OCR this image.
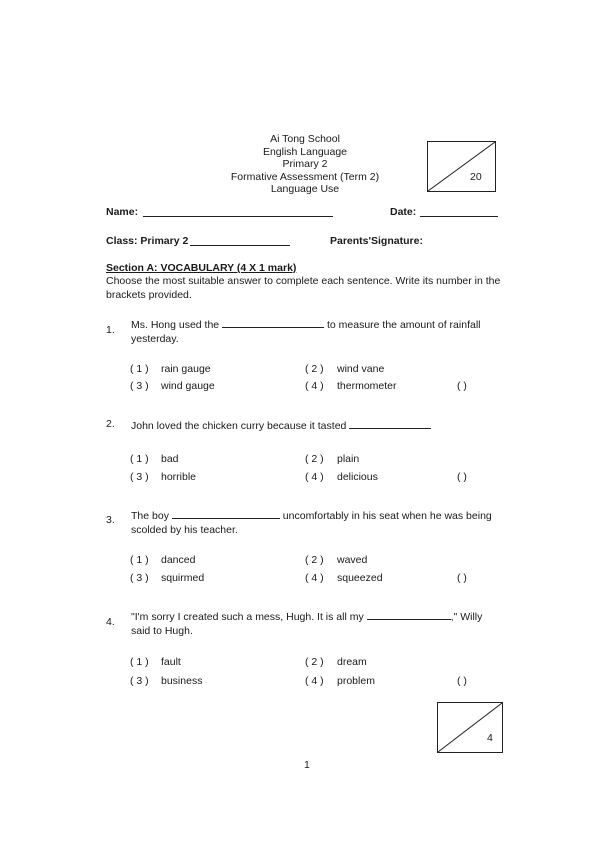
Ai Tong School
English Language
Primary 2
Formative Assessment (Term 2)
Language Use
20
Name:	Date:
Class: Primary 2	Parents'Signature:
Section A: VOCABULARY (4 X 1 mark)
Choose the most suitable answer to complete each sentence. Write its number in the brackets provided.
1. Ms. Hong used the	to measure the amount of rainfall
yesterday.
( 1 ) rain gauge	( 2 ) wind vane
( 3 ) wind gauge	( 4 ) thermometer	( )
2. John loved the chicken curry because it tasted
( 1 ) bad	( 2 ) plain
( 3 ) horrible	( 4 ) delicious	( )
3. The boy	uncomfortably in his seat when he was being
scolded by his teacher.
( 1 ) danced	( 2 ) waved
( 3 ) squirmed	( 4 ) squeezed	( )
4. "I'm sorry I created such a mess, Hugh. It is all my	," Willy
said to Hugh.
( 1 ) fault	( 2 ) dream
( 3 ) business	( 4 ) problem	( )
4
1
